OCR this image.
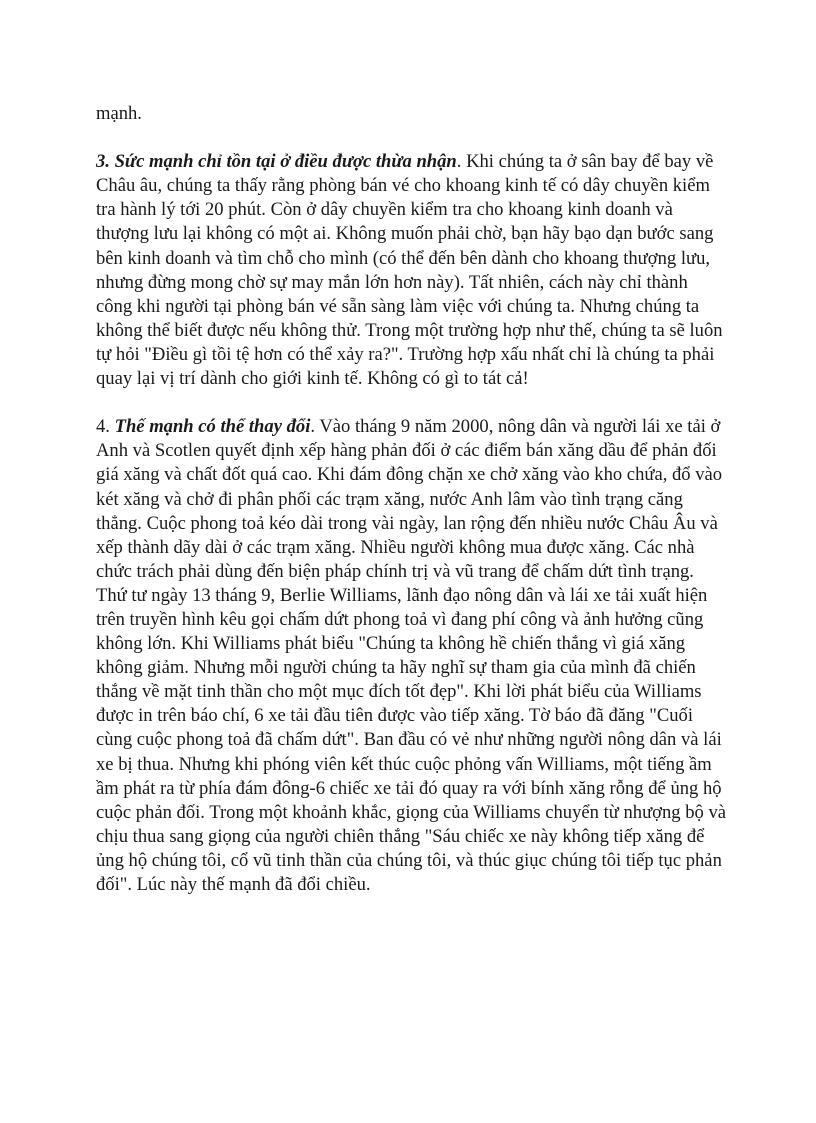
mạnh.

3. Sức mạnh chỉ tồn tại ở điều được thừa nhận. Khi chúng ta ở sân bay để bay về Châu âu, chúng ta thấy rằng phòng bán vé cho khoang kinh tế có dây chuyền kiểm tra hành lý tới 20 phút. Còn ở dây chuyền kiểm tra cho khoang kinh doanh và thượng lưu lại không có một ai. Không muốn phải chờ, bạn hãy bạo dạn bước sang bên kinh doanh và tìm chỗ cho mình (có thể đến bên dành cho khoang thượng lưu, nhưng đừng mong chờ sự may mắn lớn hơn này). Tất nhiên, cách này chỉ thành công khi người tại phòng bán vé sẵn sàng làm việc với chúng ta. Nhưng chúng ta không thể biết được nếu không thử. Trong một trường hợp như thế, chúng ta sẽ luôn tự hỏi "Điều gì tồi tệ hơn có thể xảy ra?". Trường hợp xấu nhất chỉ là chúng ta phải quay lại vị trí dành cho giới kinh tế. Không có gì to tát cả!

4. Thế mạnh có thể thay đổi. Vào tháng 9 năm 2000, nông dân và người lái xe tải ở Anh và Scotlen quyết định xếp hàng phản đối ở các điểm bán xăng dầu để phản đối giá xăng và chất đốt quá cao. Khi đám đông chặn xe chở xăng vào kho chứa, đổ vào két xăng và chở đi phân phối các trạm xăng, nước Anh lâm vào tình trạng căng thẳng. Cuộc phong toả kéo dài trong vài ngày, lan rộng đến nhiều nước Châu Âu và xếp thành dãy dài ở các trạm xăng. Nhiều người không mua được xăng. Các nhà chức trách phải dùng đến biện pháp chính trị và vũ trang để chấm dứt tình trạng. Thứ tư ngày 13 tháng 9, Berlie Williams, lãnh đạo nông dân và lái xe tải xuất hiện trên truyền hình kêu gọi chấm dứt phong toả vì đang phí công và ảnh hưởng cũng không lớn. Khi Williams phát biểu "Chúng ta không hề chiến thắng vì giá xăng không giảm. Nhưng mỗi người chúng ta hãy nghĩ sự tham gia của mình đã chiến thắng về mặt tinh thần cho một mục đích tốt đẹp". Khi lời phát biểu của Williams được in trên báo chí, 6 xe tải đầu tiên được vào tiếp xăng. Tờ báo đã đăng "Cuối cùng cuộc phong toả đã chấm dứt". Ban đầu có vẻ như những người nông dân và lái xe bị thua. Nhưng khi phóng viên kết thúc cuộc phỏng vấn Williams, một tiếng ầm ầm phát ra từ phía đám đông-6 chiếc xe tải đó quay ra với bính xăng rỗng để ủng hộ cuộc phản đối. Trong một khoảnh khắc, giọng của Williams chuyển từ nhượng bộ và chịu thua sang giọng của người chiên thắng "Sáu chiếc xe này không tiếp xăng để ủng hộ chúng tôi, cổ vũ tinh thần của chúng tôi, và thúc giục chúng tôi tiếp tục phản đối". Lúc này thế mạnh đã đổi chiều.
